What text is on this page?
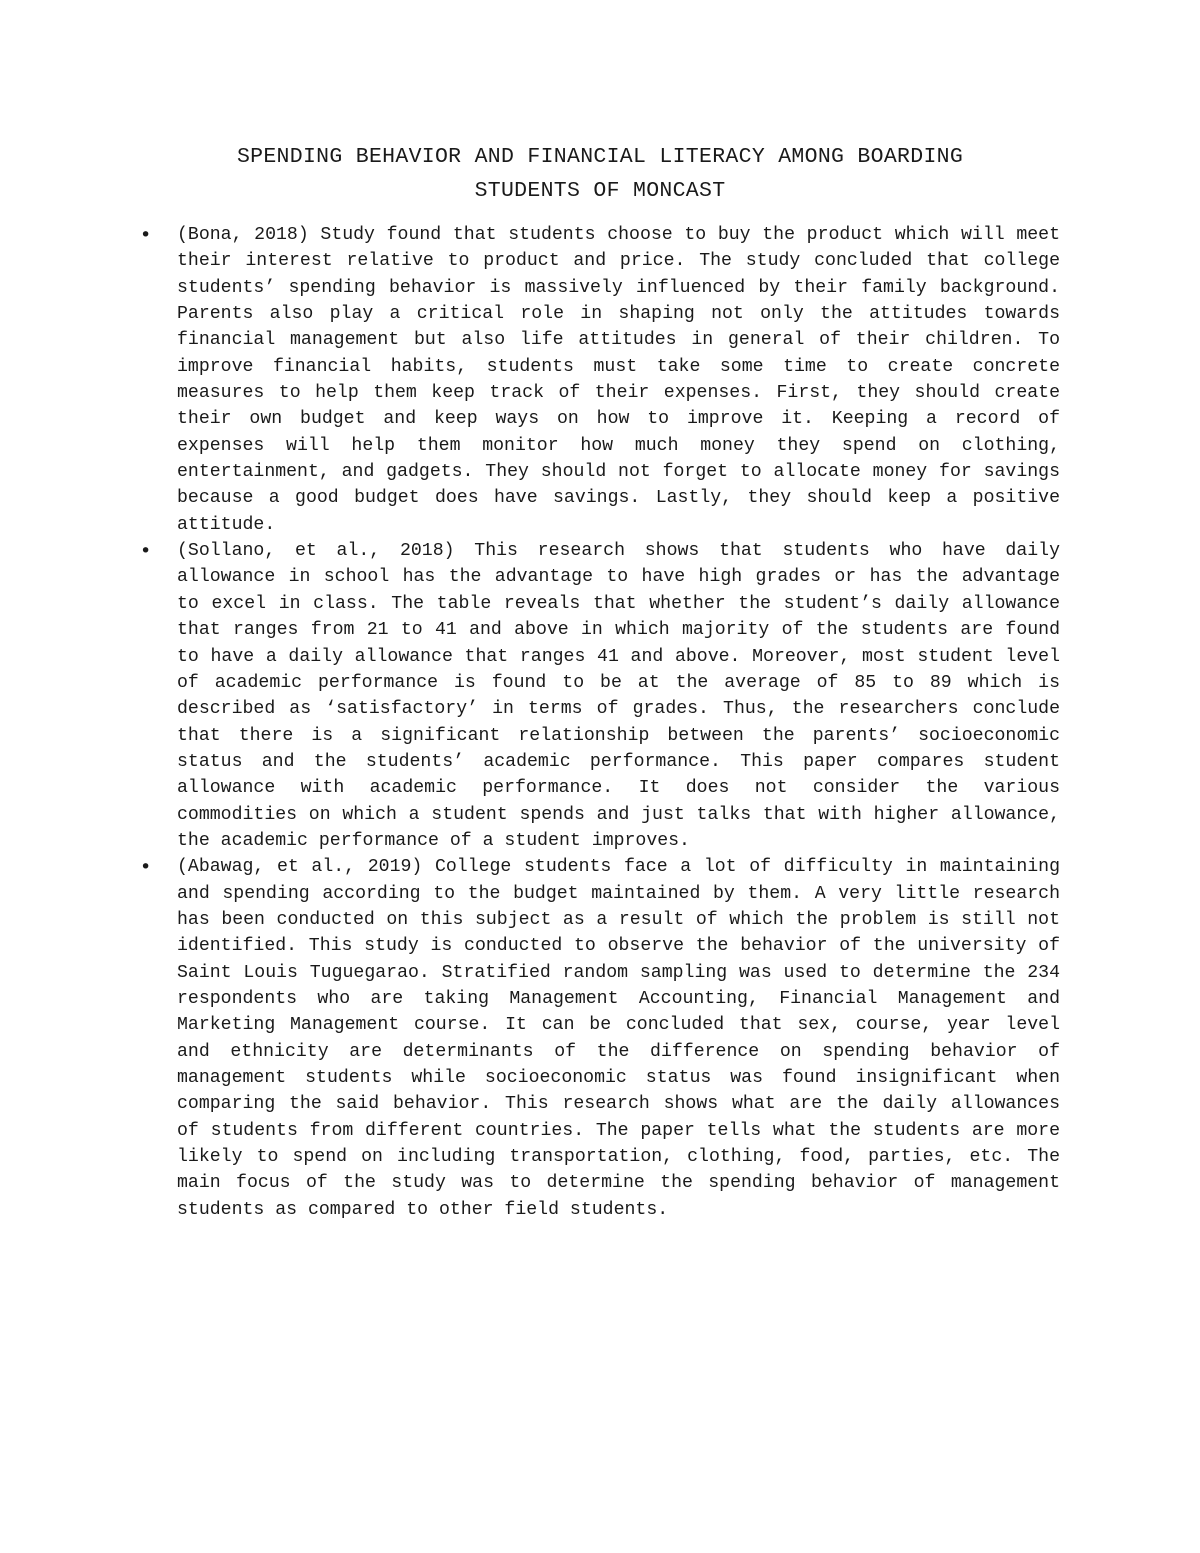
SPENDING BEHAVIOR AND FINANCIAL LITERACY AMONG BOARDING
STUDENTS OF MONCAST
• (Bona, 2018) Study found that students choose to buy the product which will meet their interest relative to product and price. The study concluded that college students’ spending behavior is massively influenced by their family background. Parents also play a critical role in shaping not only the attitudes towards financial management but also life attitudes in general of their children. To improve financial habits, students must take some time to create concrete measures to help them keep track of their expenses. First, they should create their own budget and keep ways on how to improve it. Keeping a record of expenses will help them monitor how much money they spend on clothing, entertainment, and gadgets. They should not forget to allocate money for savings because a good budget does have savings. Lastly, they should keep a positive attitude.
• (Sollano, et al., 2018) This research shows that students who have daily allowance in school has the advantage to have high grades or has the advantage to excel in class. The table reveals that whether the student’s daily allowance that ranges from 21 to 41 and above in which majority of the students are found to have a daily allowance that ranges 41 and above. Moreover, most student level of academic performance is found to be at the average of 85 to 89 which is described as ‘satisfactory’ in terms of grades. Thus, the researchers conclude that there is a significant relationship between the parents’ socioeconomic status and the students’ academic performance. This paper compares student allowance with academic performance. It does not consider the various commodities on which a student spends and just talks that with higher allowance, the academic performance of a student improves.
• (Abawag, et al., 2019) College students face a lot of difficulty in maintaining and spending according to the budget maintained by them. A very little research has been conducted on this subject as a result of which the problem is still not identified. This study is conducted to observe the behavior of the university of Saint Louis Tuguegarao. Stratified random sampling was used to determine the 234 respondents who are taking Management Accounting, Financial Management and Marketing Management course. It can be concluded that sex, course, year level and ethnicity are determinants of the difference on spending behavior of management students while socioeconomic status was found insignificant when comparing the said behavior. This research shows what are the daily allowances of students from different countries. The paper tells what the students are more likely to spend on including transportation, clothing, food, parties, etc. The main focus of the study was to determine the spending behavior of management students as compared to other field students.
